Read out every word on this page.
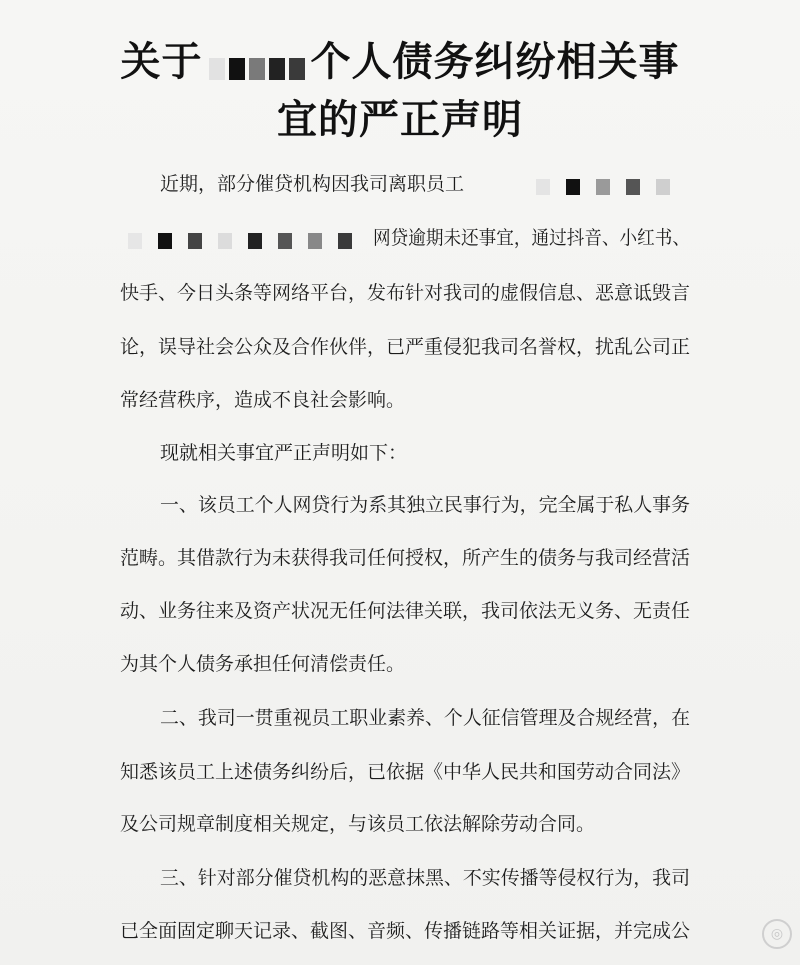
关于	个人债务纠纷相关事
宜的严正声明
近期，部分催贷机构因我司离职员工
网贷逾期未还事宜，通过抖音、小红书、
快手、今日头条等网络平台，发布针对我司的虚假信息、恶意诋毁言
论，误导社会公众及合作伙伴，已严重侵犯我司名誉权，扰乱公司正
常经营秩序，造成不良社会影响。
现就相关事宜严正声明如下：
一、该员工个人网贷行为系其独立民事行为，完全属于私人事务
范畴。其借款行为未获得我司任何授权，所产生的债务与我司经营活
动、业务往来及资产状况无任何法律关联，我司依法无义务、无责任
为其个人债务承担任何清偿责任。
二、我司一贯重视员工职业素养、个人征信管理及合规经营，在
知悉该员工上述债务纠纷后，已依据《中华人民共和国劳动合同法》
及公司规章制度相关规定，与该员工依法解除劳动合同。
三、针对部分催贷机构的恶意抹黑、不实传播等侵权行为，我司
已全面固定聊天记录、截图、音频、传播链路等相关证据，并完成公	◎
